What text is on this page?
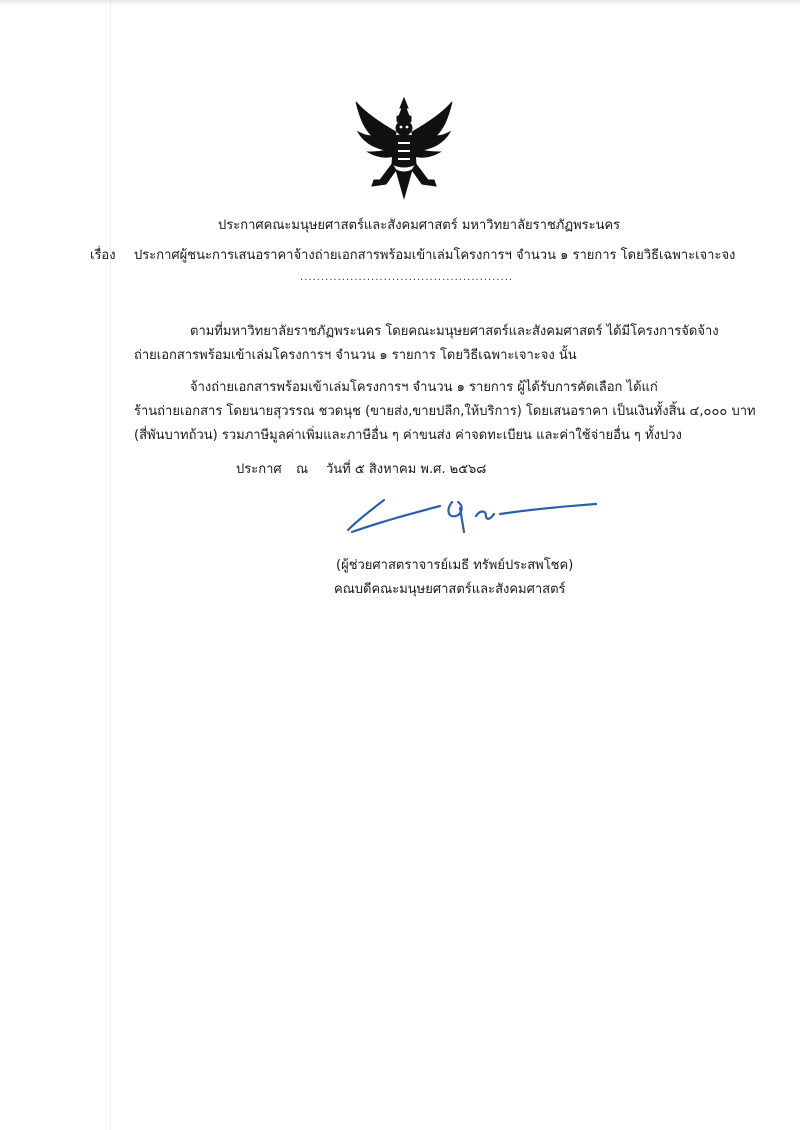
ประกาศคณะมนุษยศาสตร์และสังคมศาสตร์ มหาวิทยาลัยราชภัฏพระนคร
เรื่อง ประกาศผู้ชนะการเสนอราคาจ้างถ่ายเอกสารพร้อมเข้าเล่มโครงการฯ จำนวน ๑ รายการ โดยวิธีเฉพาะเจาะจง
...................................................
ตามที่มหาวิทยาลัยราชภัฏพระนคร โดยคณะมนุษยศาสตร์และสังคมศาสตร์ ได้มีโครงการจัดจ้าง
ถ่ายเอกสารพร้อมเข้าเล่มโครงการฯ จำนวน ๑ รายการ โดยวิธีเฉพาะเจาะจง นั้น
จ้างถ่ายเอกสารพร้อมเข้าเล่มโครงการฯ จำนวน ๑ รายการ ผู้ได้รับการคัดเลือก ได้แก่
ร้านถ่ายเอกสาร โดยนายสุวรรณ ชวดนุช (ขายส่ง,ขายปลีก,ให้บริการ) โดยเสนอราคา เป็นเงินทั้งสิ้น ๔,๐๐๐ บาท
(สี่พันบาทถ้วน) รวมภาษีมูลค่าเพิ่มและภาษีอื่น ๆ ค่าขนส่ง ค่าจดทะเบียน และค่าใช้จ่ายอื่น ๆ ทั้งปวง
ประกาศ ณ วันที่ ๕ สิงหาคม พ.ศ. ๒๕๖๘
(ผู้ช่วยศาสตราจารย์เมธี ทรัพย์ประสพโชค)
คณบดีคณะมนุษยศาสตร์และสังคมศาสตร์
